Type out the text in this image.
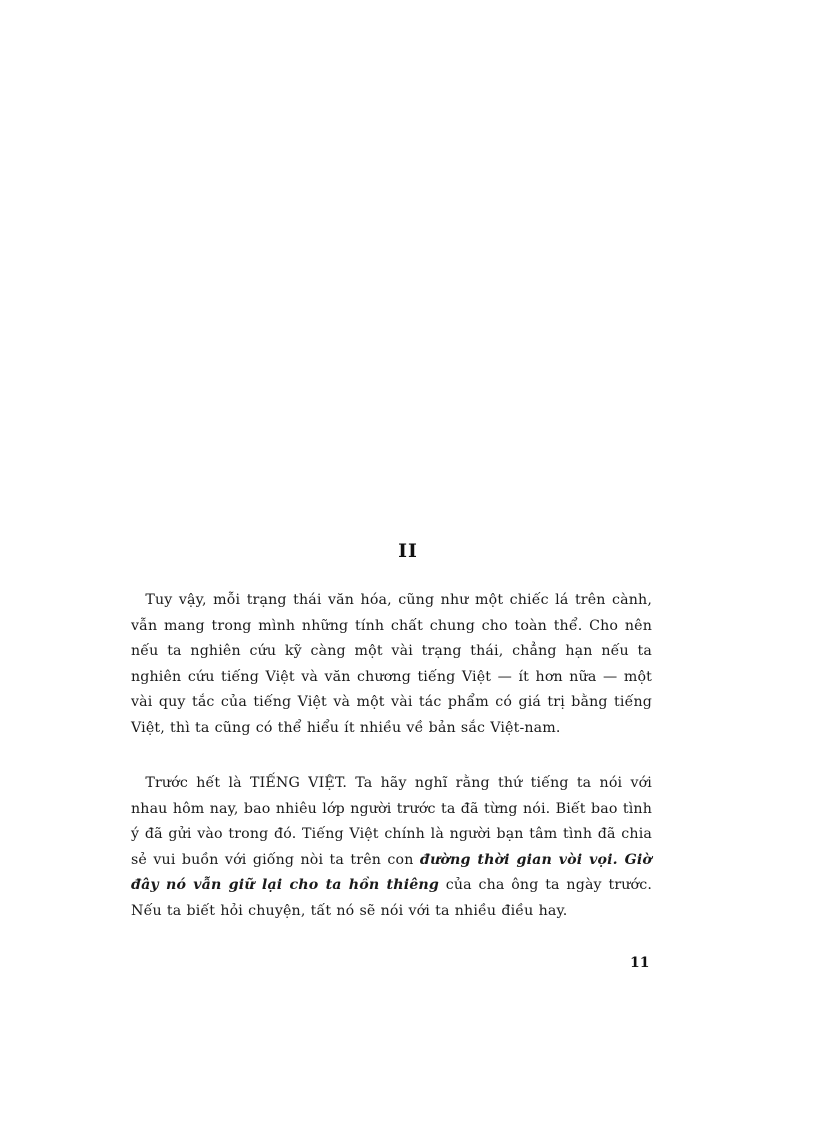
II

 Tuy vậy, mỗi trạng thái văn hóa, cũng như một chiếc lá trên cành, vẫn mang trong mình những tính chất chung cho toàn thể. Cho nên nếu ta nghiên cứu kỹ càng một vài trạng thái, chẳng hạn nếu ta nghiên cứu tiếng Việt và văn chương tiếng Việt — ít hơn nữa — một vài quy tắc của tiếng Việt và một vài tác phẩm có giá trị bằng tiếng Việt, thì ta cũng có thể hiểu ít nhiều về bản sắc Việt-nam.

 Trước hết là TIẾNG VIỆT. Ta hãy nghĩ rằng thứ tiếng ta nói với nhau hôm nay, bao nhiêu lớp người trước ta đã từng nói. Biết bao tình ý đã gửi vào trong đó. Tiếng Việt chính là người bạn tâm tình đã chia sẻ vui buồn với giống nòi ta trên con đường thời gian vòi vọi. Giờ đây nó vẫn giữ lại cho ta hồn thiêng của cha ông ta ngày trước. Nếu ta biết hỏi chuyện, tất nó sẽ nói với ta nhiều điều hay.

11
